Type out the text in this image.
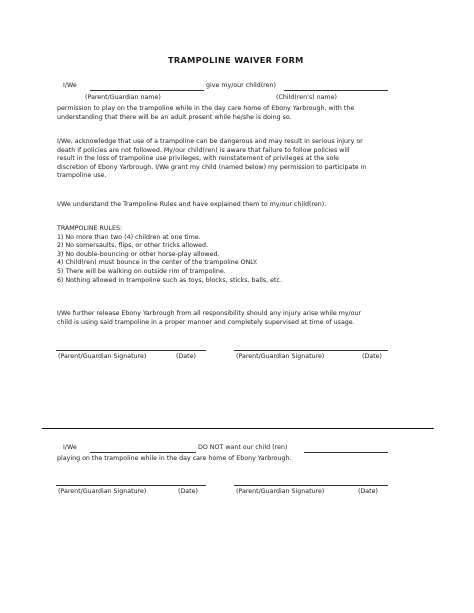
TRAMPOLINE WAIVER FORM
I/We	give my/our child(ren)
(Parent/Guardian name)	(Child(ren's) name)
permission to play on the trampoline while in the day care home of Ebony Yarbrough, with the
understanding that there will be an adult present while he/she is doing so.
I/We, acknowledge that use of a trampoline can be dangerous and may result in serious injury or
death if policies are not followed. My/our child(ren) is aware that failure to follow policies will
result in the loss of trampoline use privileges, with reinstatement of privileges at the sole
discretion of Ebony Yarbrough. I/We grant my child (named below) my permission to participate in
trampoline use.
I/We understand the Trampoline Rules and have explained them to my/our child(ren).
TRAMPOLINE RULES:
1) No more than two (4) children at one time.
2) No somersaults, flips, or other tricks allowed.
3) No double-bouncing or other horse-play allowed.
4) Child(ren) must bounce in the center of the trampoline ONLY.
5) There will be walking on outside rim of trampoline.
6) Nothing allowed in trampoline such as toys, blocks, sticks, balls, etc.
I/We further release Ebony Yarbrough from all responsibility should any injury arise while my/our
child is using said trampoline in a proper manner and completely supervised at time of usage.
(Parent/Guardian Signature)	(Date)	(Parent/Guardian Signature)	(Date)
I/We	DO NOT want our child (ren)
playing on the trampoline while in the day care home of Ebony Yarbrough.
(Parent/Guardian Signature)	(Date)	(Parent/Guardian Signature)	(Date)
